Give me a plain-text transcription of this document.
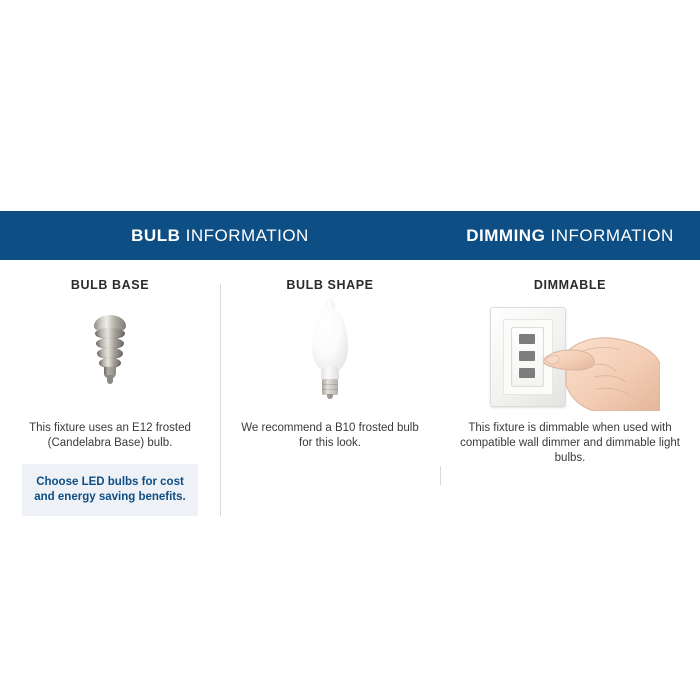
BULB INFORMATION
BULB BASE

This fixture uses an E12 frosted (Candelabra Base) bulb.

Choose LED bulbs for cost and energy saving benefits.
BULB SHAPE

We recommend a B10 frosted bulb for this look.

DIMMING INFORMATION
DIMMABLE

This fixture is dimmable when used with compatible wall dimmer and dimmable light bulbs.
